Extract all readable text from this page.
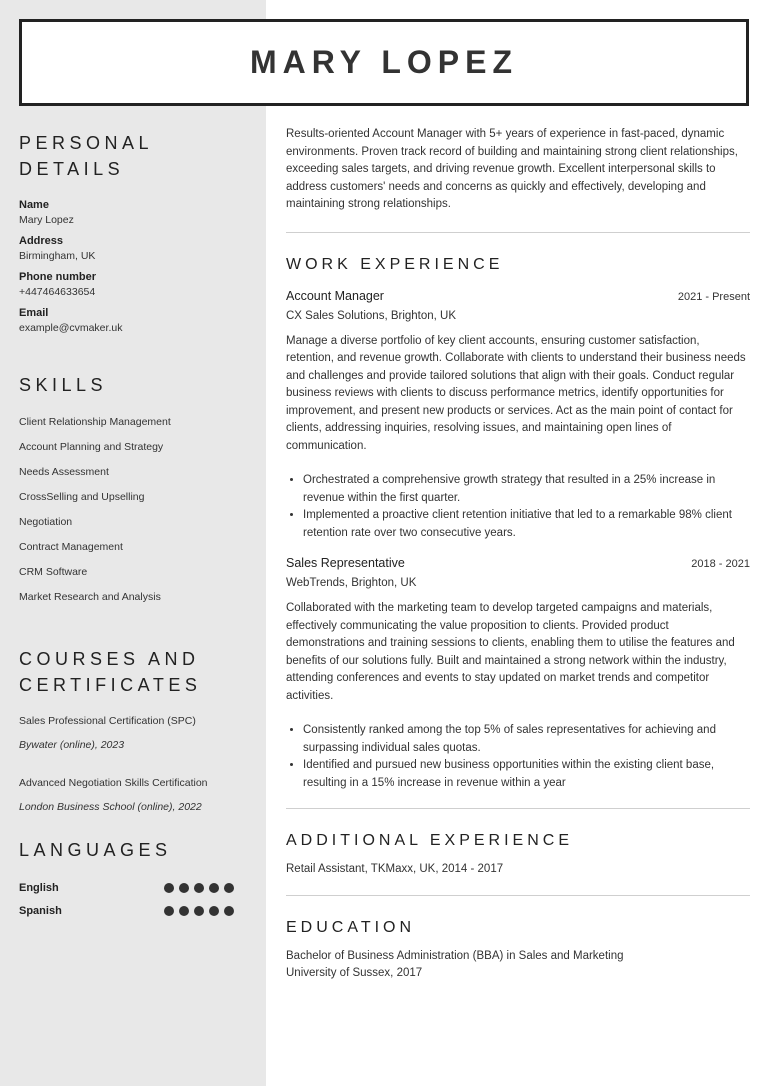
MARY LOPEZ
PERSONAL DETAILS
Name
Mary Lopez
Address
Birmingham, UK
Phone number
+447464633654
Email
example@cvmaker.uk
SKILLS
Client Relationship Management
Account Planning and Strategy
Needs Assessment
CrossSelling and Upselling
Negotiation
Contract Management
CRM Software
Market Research and Analysis
COURSES AND
CERTIFICATES
Sales Professional Certification (SPC)
Bywater (online), 2023
Advanced Negotiation Skills Certification
London Business School (online), 2022
LANGUAGES
English
Spanish

Results-oriented Account Manager with 5+ years of experience in fast-paced, dynamic environments. Proven track record of building and maintaining strong client relationships, exceeding sales targets, and driving revenue growth. Excellent interpersonal skills to address customers' needs and concerns as quickly and effectively, developing and maintaining strong relationships.

WORK EXPERIENCE
Account Manager	2021 - Present
CX Sales Solutions, Brighton, UK

Manage a diverse portfolio of key client accounts, ensuring customer satisfaction, retention, and revenue growth. Collaborate with clients to understand their business needs and challenges and provide tailored solutions that align with their goals. Conduct regular business reviews with clients to discuss performance metrics, identify opportunities for improvement, and present new products or services. Act as the main point of contact for clients, addressing inquiries, resolving issues, and maintaining open lines of communication.

• Orchestrated a comprehensive growth strategy that resulted in a 25% increase in revenue within the first quarter.
• Implemented a proactive client retention initiative that led to a remarkable 98% client retention rate over two consecutive years.
Sales Representative	2018 - 2021
WebTrends, Brighton, UK

Collaborated with the marketing team to develop targeted campaigns and materials, effectively communicating the value proposition to clients. Provided product demonstrations and training sessions to clients, enabling them to utilise the features and benefits of our solutions fully. Built and maintained a strong network within the industry, attending conferences and events to stay updated on market trends and competitor activities.

• Consistently ranked among the top 5% of sales representatives for achieving and surpassing individual sales quotas.
• Identified and pursued new business opportunities within the existing client base, resulting in a 15% increase in revenue within a year
ADDITIONAL EXPERIENCE
Retail Assistant, TKMaxx, UK, 2014 - 2017
EDUCATION
Bachelor of Business Administration (BBA) in Sales and Marketing
University of Sussex, 2017
